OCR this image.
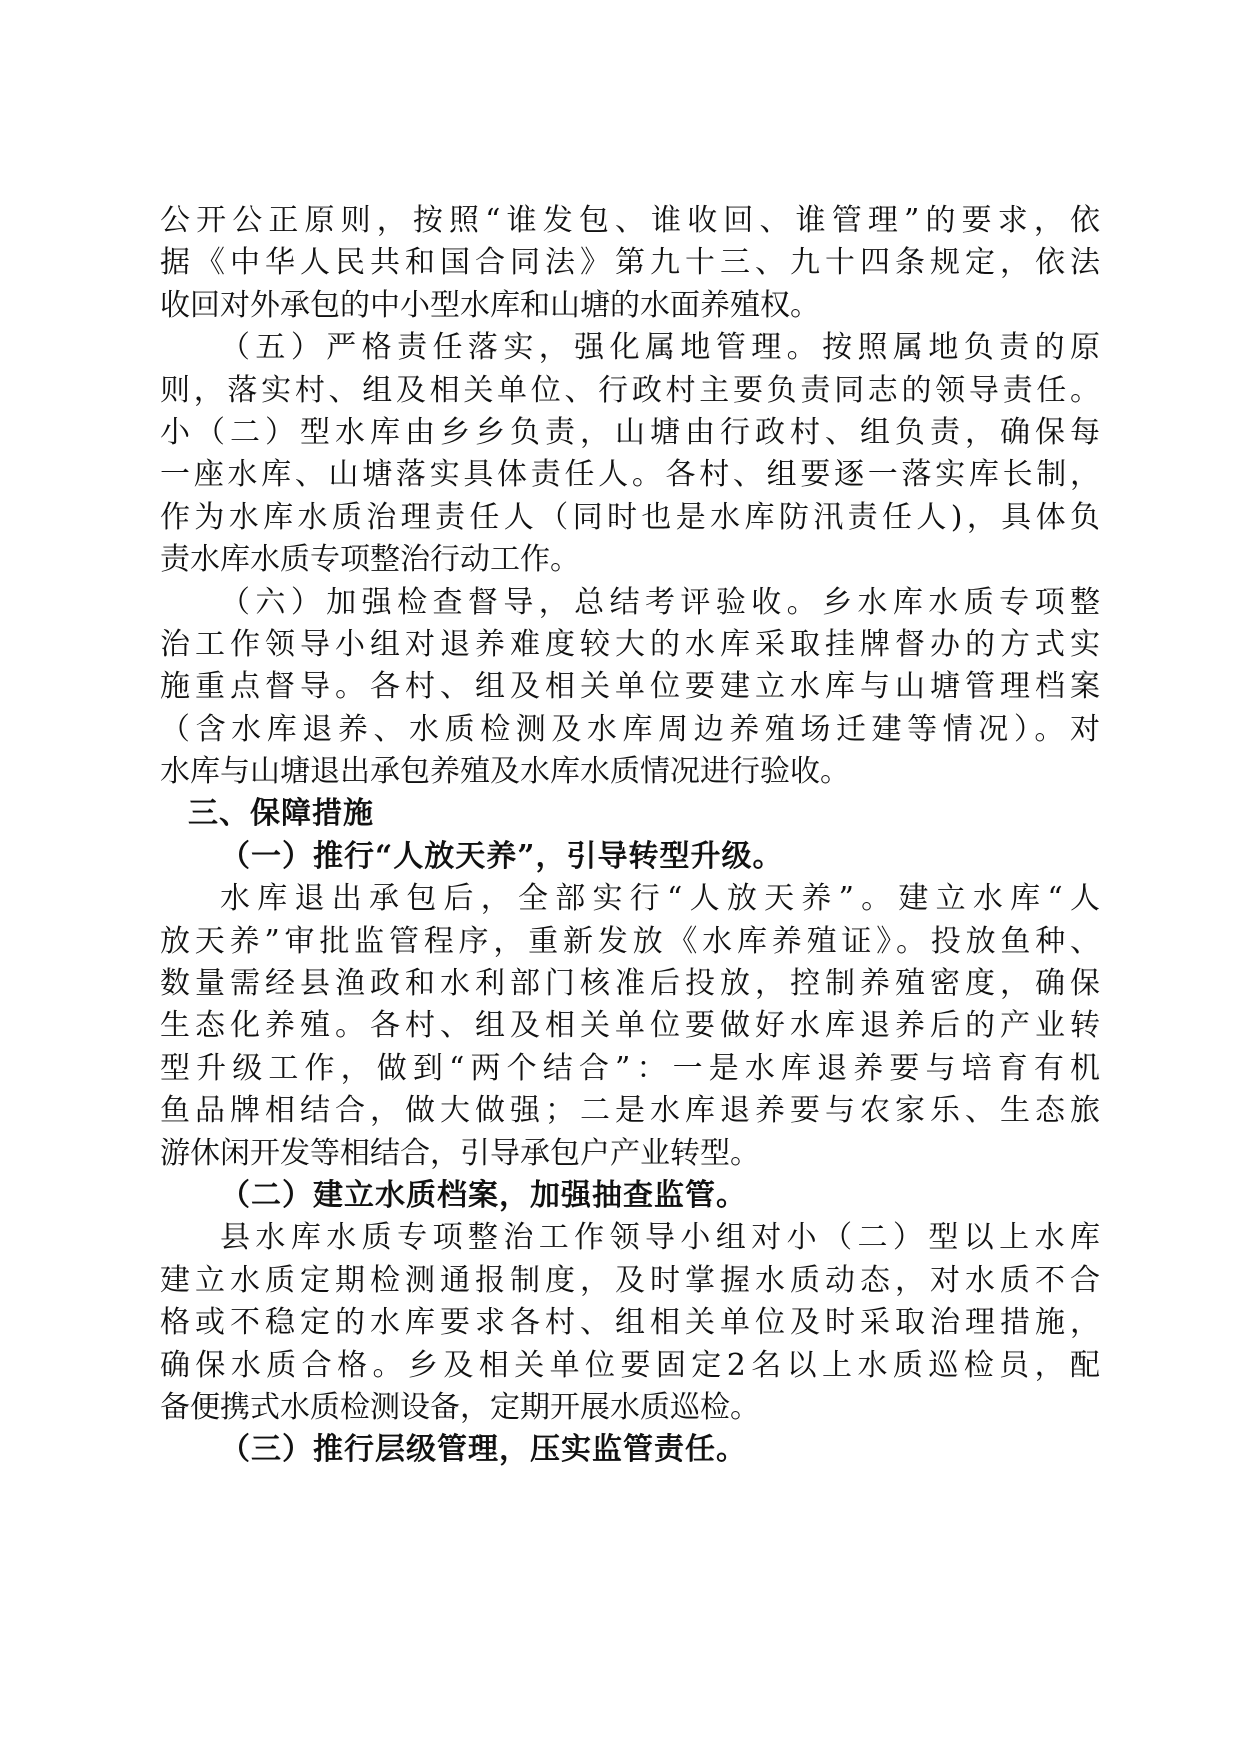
公开公正原则，按照“谁发包、谁收回、谁管理”的要求，依
据《中华人民共和国合同法》第九十三、九十四条规定，依法
收回对外承包的中小型水库和山塘的水面养殖权。
（五）严格责任落实，强化属地管理。按照属地负责的原
则，落实村、组及相关单位、行政村主要负责同志的领导责任。
小（二）型水库由乡乡负责，山塘由行政村、组负责，确保每
一座水库、山塘落实具体责任人。各村、组要逐一落实库长制，
作为水库水质治理责任人（同时也是水库防汛责任人)，具体负
责水库水质专项整治行动工作。
（六）加强检查督导，总结考评验收。乡水库水质专项整
治工作领导小组对退养难度较大的水库采取挂牌督办的方式实
施重点督导。各村、组及相关单位要建立水库与山塘管理档案
（含水库退养、水质检测及水库周边养殖场迁建等情况）。对
水库与山塘退出承包养殖及水库水质情况进行验收。
三、保障措施
（一）推行“人放天养”，引导转型升级。
水库退出承包后，全部实行“人放天养”。建立水库“人
放天养”审批监管程序，重新发放《水库养殖证》。投放鱼种、
数量需经县渔政和水利部门核准后投放，控制养殖密度，确保
生态化养殖。各村、组及相关单位要做好水库退养后的产业转
型升级工作，做到“两个结合”：一是水库退养要与培育有机
鱼品牌相结合，做大做强；二是水库退养要与农家乐、生态旅
游休闲开发等相结合，引导承包户产业转型。
（二）建立水质档案，加强抽查监管。
县水库水质专项整治工作领导小组对小（二）型以上水库
建立水质定期检测通报制度，及时掌握水质动态，对水质不合
格或不稳定的水库要求各村、组相关单位及时采取治理措施，
确保水质合格。乡及相关单位要固定2名以上水质巡检员，配
备便携式水质检测设备，定期开展水质巡检。
（三）推行层级管理，压实监管责任。
